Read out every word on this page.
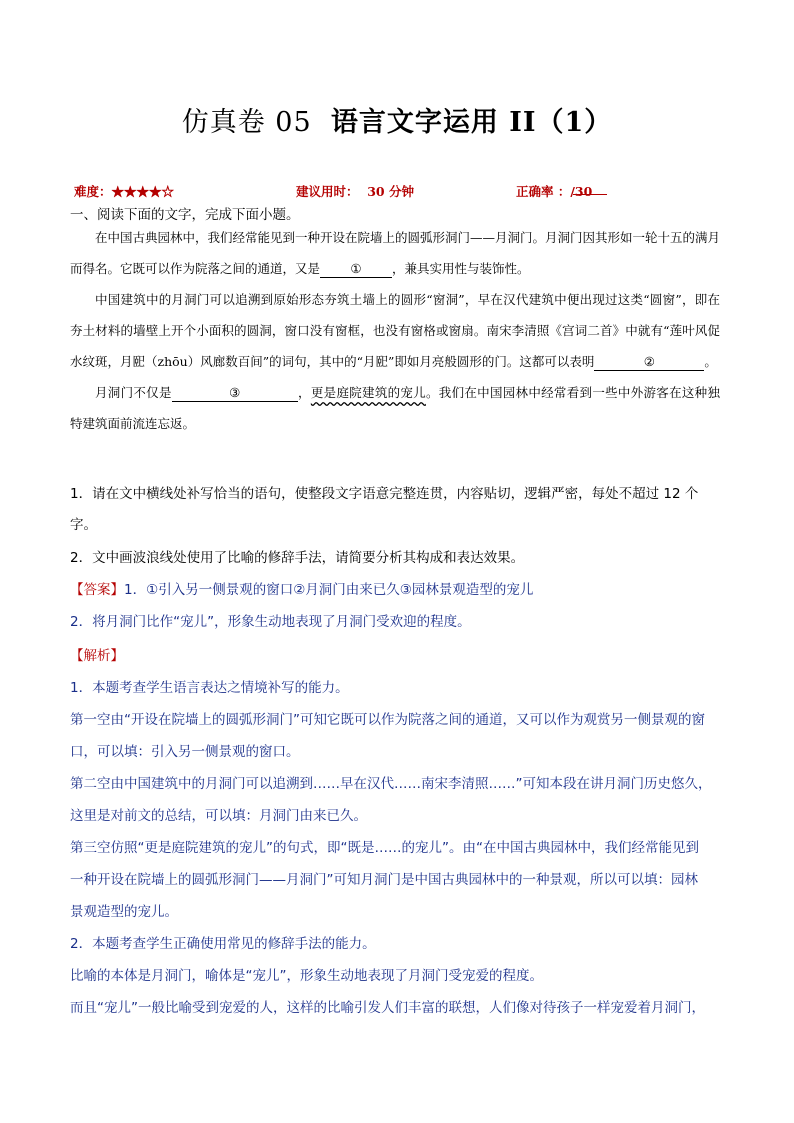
仿真卷 05 语言文字运用 II（1）
难度：★★★★☆	建议用时： 30 分钟	正确率 ：
/30
一、阅读下面的文字，完成下面小题。

在中国古典园林中，我们经常能见到一种开设在院墙上的圆弧形洞门——月洞门。月洞门因其形如一轮十五的满月而得名。它既可以作为院落之间的通道，又是 ① ，兼具实用性与装饰性。

中国建筑中的月洞门可以追溯到原始形态夯筑土墙上的圆形“窗洞”，早在汉代建筑中便出现过这类“圆窗”，即在夯土材料的墙壁上开个小面积的圆洞，窗口没有窗框，也没有窗格或窗扇。南宋李清照《宫词二首》中就有“莲叶风促水纹斑，月巸（zhōu）风廊数百间”的词句，其中的“月巸”即如月亮般圆形的门。这都可以表明	②	。

月洞门不仅是	③	，更是庭院建筑的宠儿。我们在中国园林中经常看到一些中外游客在这种独特建筑面前流连忘返。

1．请在文中横线处补写恰当的语句，使整段文字语意完整连贯，内容贴切，逻辑严密，每处不超过 12 个
字。
2．文中画波浪线处使用了比喻的修辞手法，请简要分析其构成和表达效果。
【答案】1．①引入另一侧景观的窗口②月洞门由来已久③园林景观造型的宠儿
2．将月洞门比作“宠儿”，形象生动地表现了月洞门受欢迎的程度。
【解析】
1．本题考查学生语言表达之情境补写的能力。
第一空由“开设在院墙上的圆弧形洞门”可知它既可以作为院落之间的通道，又可以作为观赏另一侧景观的窗
口，可以填：引入另一侧景观的窗口。
第二空由中国建筑中的月洞门可以追溯到……早在汉代……南宋李清照……”可知本段在讲月洞门历史悠久，
这里是对前文的总结，可以填：月洞门由来已久。
第三空仿照“更是庭院建筑的宠儿”的句式，即“既是……的宠儿”。由“在中国古典园林中，我们经常能见到
一种开设在院墙上的圆弧形洞门——月洞门”可知月洞门是中国古典园林中的一种景观，所以可以填：园林
景观造型的宠儿。
2．本题考查学生正确使用常见的修辞手法的能力。
比喻的本体是月洞门，喻体是“宠儿”，形象生动地表现了月洞门受宠爱的程度。
而且“宠儿”一般比喻受到宠爱的人，这样的比喻引发人们丰富的联想，人们像对待孩子一样宠爱着月洞门，
